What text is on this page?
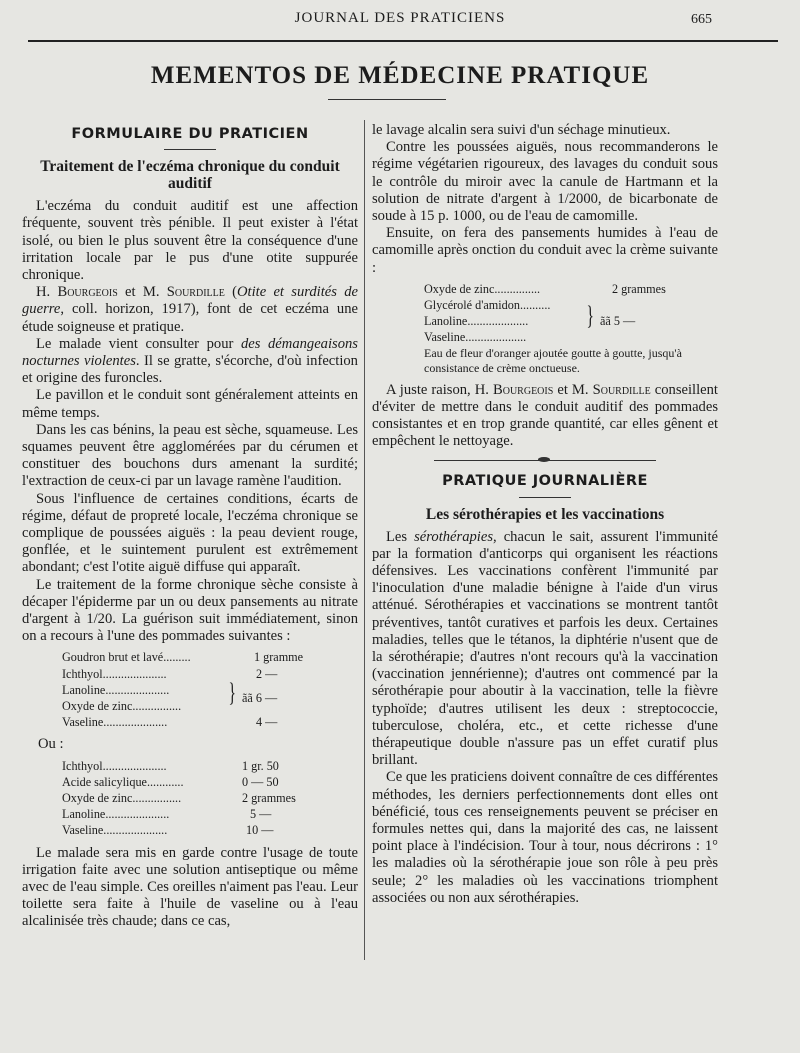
JOURNAL DES PRATICIENS	665
MEMENTOS DE MÉDECINE PRATIQUE
FORMULAIRE DU PRATICIEN
Traitement de l'eczéma chronique du conduit auditif

L'eczéma du conduit auditif est une affection fréquente, souvent très pénible. Il peut exister à l'état isolé, ou bien le plus souvent être la conséquence d'une irritation locale par le pus d'une otite suppurée chronique.

H. Bourgeois et M. Sourdille (Otite et surdités de guerre, coll. horizon, 1917), font de cet eczéma une étude soigneuse et pratique.

Le malade vient consulter pour des démangeaisons nocturnes violentes. Il se gratte, s'écorche, d'où infection et origine des furoncles.

Le pavillon et le conduit sont généralement atteints en même temps.

Dans les cas bénins, la peau est sèche, squameuse. Les squames peuvent être agglomérées par du cérumen et constituer des bouchons durs amenant la surdité; l'extraction de ceux-ci par un lavage ramène l'audition.

Sous l'influence de certaines conditions, écarts de régime, défaut de propreté locale, l'eczéma chronique se complique de poussées aiguës : la peau devient rouge, gonflée, et le suintement purulent est extrêmement abondant; c'est l'otite aiguë diffuse qui apparaît.

Le traitement de la forme chronique sèche consiste à décaper l'épiderme par un ou deux pansements au nitrate d'argent à 1/20. La guérison suit immédiatement, sinon on a recours à l'une des pommades suivantes :

Goudron brut et lavé.........	1 gramme
Ichthyol.....................	2 —
Lanoline..................... } ãã 6 —
Oxyde de zinc................
Vaseline.....................	4 —
Ou :
Ichthyol.....................	1 gr. 50
Acide salicylique............	0 — 50
Oxyde de zinc................	2 grammes
Lanoline.....................	5 —
Vaseline.....................	10 —

Le malade sera mis en garde contre l'usage de toute irrigation faite avec une solution antiseptique ou même avec de l'eau simple. Ces oreilles n'aiment pas l'eau. Leur toilette sera faite à l'huile de vaseline ou à l'eau alcalinisée très chaude; dans ce cas,

le lavage alcalin sera suivi d'un séchage minutieux.

Contre les poussées aiguës, nous recommanderons le régime végétarien rigoureux, des lavages du conduit sous le contrôle du miroir avec la canule de Hartmann et la solution de nitrate d'argent à 1/2000, de bicarbonate de soude à 15 p. 1000, ou de l'eau de camomille.

Ensuite, on fera des pansements humides à l'eau de camomille après onction du conduit avec la crème suivante :

Oxyde de zinc...............	2 grammes
Glycérolé d'amidon.......... }
Lanoline....................	ãã 5 —
Vaseline....................
Eau de fleur d'oranger ajoutée goutte à goutte, jusqu'à consistance de crème onctueuse.

A juste raison, H. Bourgeois et M. Sourdille conseillent d'éviter de mettre dans le conduit auditif des pommades consistantes et en trop grande quantité, car elles gênent et empêchent le nettoyage.

PRATIQUE JOURNALIÈRE
Les sérothérapies et les vaccinations

Les sérothérapies, chacun le sait, assurent l'immunité par la formation d'anticorps qui organisent les réactions défensives. Les vaccinations confèrent l'immunité par l'inoculation d'une maladie bénigne à l'aide d'un virus atténué. Sérothérapies et vaccinations se montrent tantôt préventives, tantôt curatives et parfois les deux. Certaines maladies, telles que le tétanos, la diphtérie n'usent que de la sérothérapie; d'autres n'ont recours qu'à la vaccination (vaccination jennérienne); d'autres ont commencé par la sérothérapie pour aboutir à la vaccination, telle la fièvre typhoïde; d'autres utilisent les deux : streptococcie, tuberculose, choléra, etc., et cette richesse d'une thérapeutique double n'assure pas un effet curatif plus brillant.

Ce que les praticiens doivent connaître de ces différentes méthodes, les derniers perfectionnements dont elles ont bénéficié, tous ces renseignements peuvent se préciser en formules nettes qui, dans la majorité des cas, ne laissent point place à l'indécision. Tour à tour, nous décrirons : 1° les maladies où la sérothérapie joue son rôle à peu près seule; 2° les maladies où les vaccinations triomphent associées ou non aux sérothérapies.
